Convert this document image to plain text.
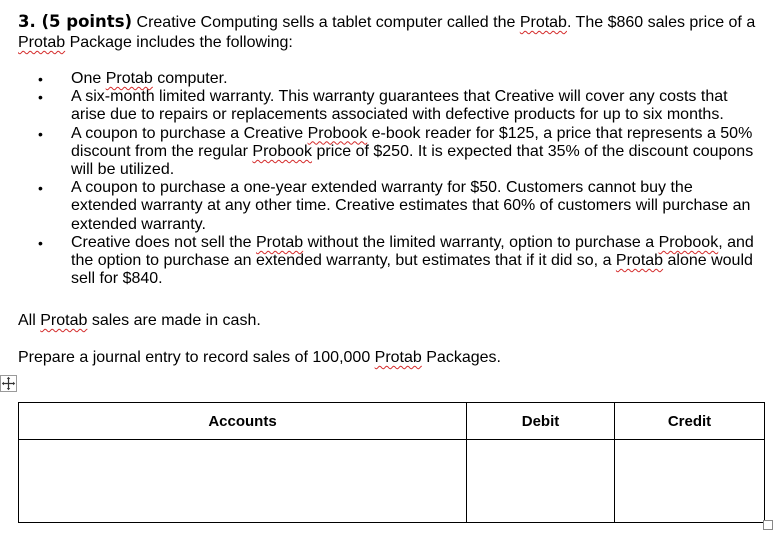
3. (5 points) Creative Computing sells a tablet computer called the Protab. The $860 sales price of a
Protab Package includes the following:
• One Protab computer.
• A six-month limited warranty. This warranty guarantees that Creative will cover any costs that arise due to repairs or replacements associated with defective products for up to six months.
• A coupon to purchase a Creative Probook e-book reader for $125, a price that represents a 50% discount from the regular Probook price of $250. It is expected that 35% of the discount coupons will be utilized.
• A coupon to purchase a one-year extended warranty for $50. Customers cannot buy the extended warranty at any other time. Creative estimates that 60% of customers will purchase an extended warranty.
• Creative does not sell the Protab without the limited warranty, option to purchase a Probook, and the option to purchase an extended warranty, but estimates that if it did so, a Protab alone would sell for $840.
All Protab sales are made in cash.
Prepare a journal entry to record sales of 100,000 Protab Packages.
Accounts	Debit	Credit
